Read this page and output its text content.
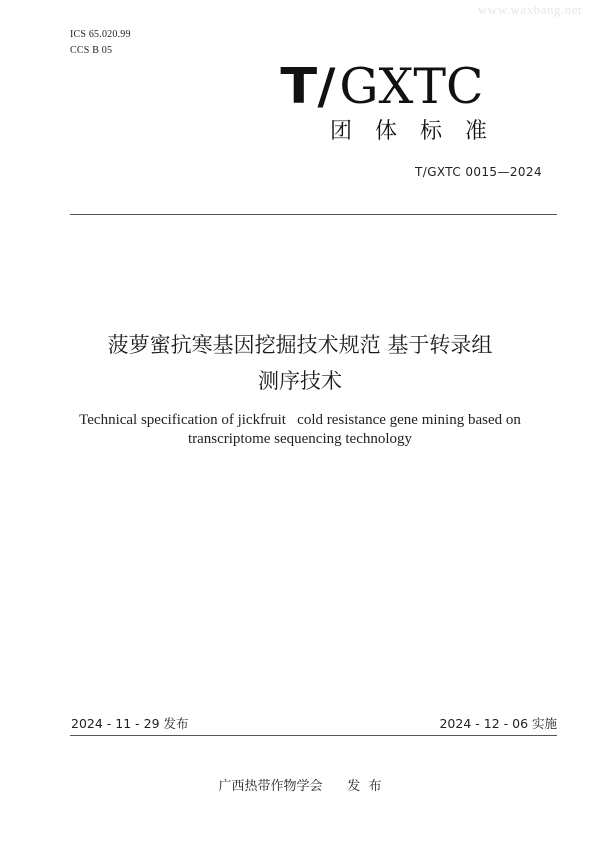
www.waxbang.net
ICS 65.020.99
CCS B 05
T/GXTC
团体标准
T/GXTC 0015—2024
菠萝蜜抗寒基因挖掘技术规范 基于转录组
测序技术
Technical specification of jickfruit   cold resistance gene mining based on
transcriptome sequencing technology
2024 - 11 - 29 发布	2024 - 12 - 06 实施
广西热带作物学会      发  布
